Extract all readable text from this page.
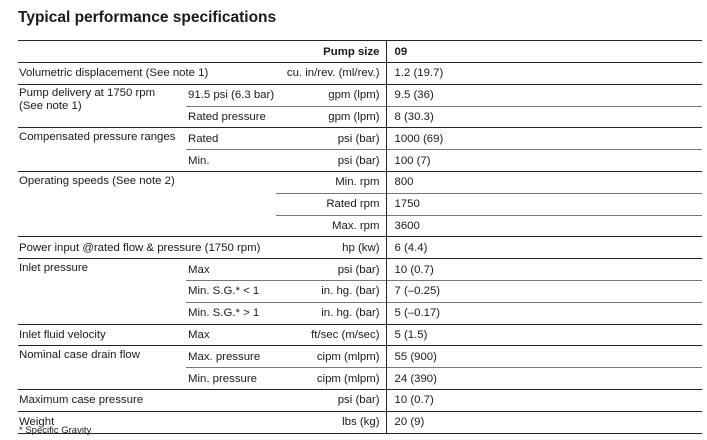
Typical performance specifications
		Pump size	09
Volumetric displacement (See note 1)		cu. in/rev. (ml/rev.)	1.2 (19.7)
Pump delivery at 1750 rpm
(See note 1)	91.5 psi (6.3 bar)	gpm (lpm)	9.5 (36)
	Rated pressure	gpm (lpm)	8 (30.3)
Compensated pressure ranges	Rated	psi (bar)	1000 (69)
	Min.	psi (bar)	100 (7)
Operating speeds (See note 2)		Min. rpm	800
		Rated rpm	1750
		Max. rpm	3600
Power input @rated flow & pressure (1750 rpm)		hp (kw)	6 (4.4)
Inlet pressure	Max	psi (bar)	10 (0.7)
	Min. S.G.* < 1	in. hg. (bar)	7 (–0.25)
	Min. S.G.* > 1	in. hg. (bar)	5 (–0.17)
Inlet fluid velocity	Max	ft/sec (m/sec)	5 (1.5)
Nominal case drain flow	Max. pressure	cipm (mlpm)	55 (900)
	Min. pressure	cipm (mlpm)	24 (390)
Maximum case pressure		psi (bar)	10 (0.7)
Weight		lbs (kg)	20 (9)
* Specific Gravity
